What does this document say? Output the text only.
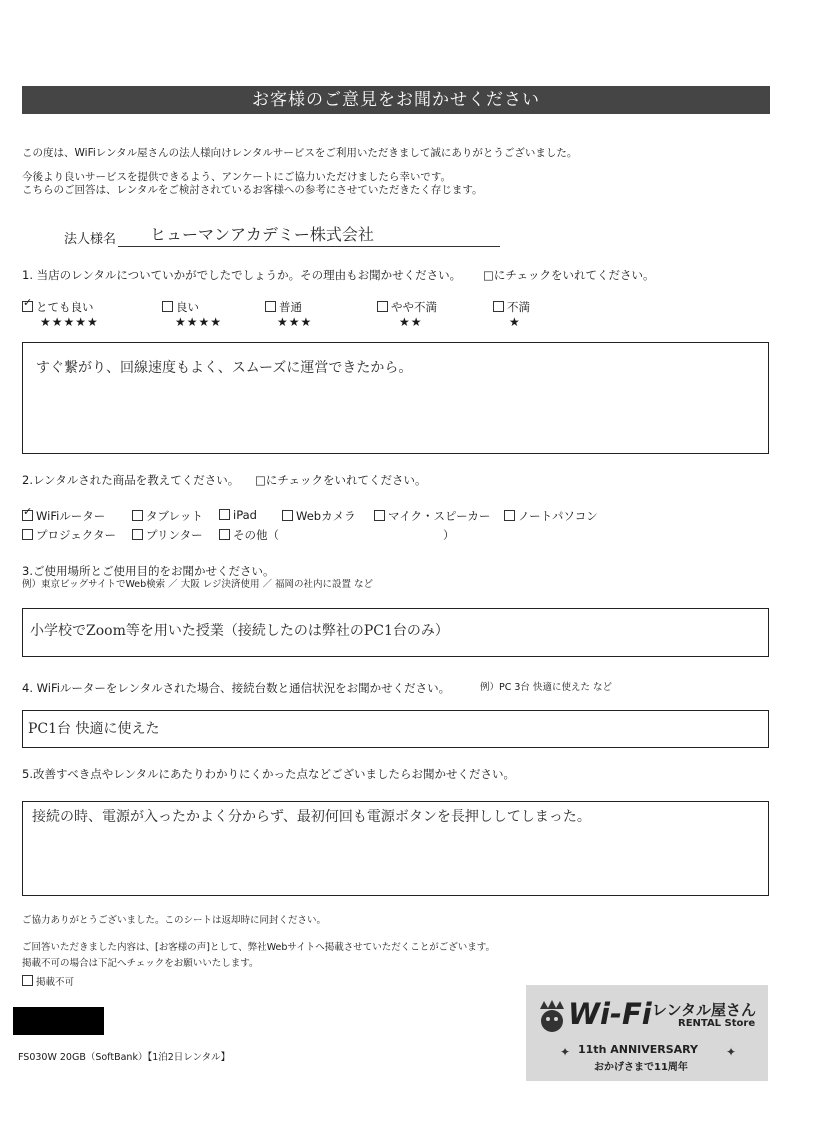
お客様のご意見をお聞かせください
この度は、WiFiレンタル屋さんの法人様向けレンタルサービスをご利用いただきまして誠にありがとうございました。
今後より良いサービスを提供できるよう、アンケートにご協力いただけましたら幸いです。
こちらのご回答は、レンタルをご検討されているお客様への参考にさせていただきたく存じます。
法人様名 ヒューマンアカデミー株式会社
1. 当店のレンタルについていかがでしたでしょうか。その理由もお聞かせください。 □にチェックをいれてください。
✓とても良い
★★★★★
良い
★★★★
普通
★★★
やや不満
★★
不満
★
すぐ繋がり、回線速度もよく、スムーズに運営できたから。
2.レンタルされた商品を教えてください。 □にチェックをいれてください。
✓WiFiルーター	タブレット	iPad	Webカメラ	マイク・スピーカー	ノートパソコン
プロジェクター	プリンター	その他（	）
3.ご使用場所とご使用目的をお聞かせください。
例）東京ビッグサイトでWeb検索 ／ 大阪 レジ決済使用 ／ 福岡の社内に設置 など
小学校でZoom等を用いた授業（接続したのは弊社のPC1台のみ）
4. WiFiルーターをレンタルされた場合、接続台数と通信状況をお聞かせください。	例）PC 3台 快適に使えた など
PC1台 快適に使えた
5.改善すべき点やレンタルにあたりわかりにくかった点などございましたらお聞かせください。
接続の時、電源が入ったかよく分からず、最初何回も電源ボタンを長押ししてしまった。
ご協力ありがとうございました。このシートは返却時に同封ください。
ご回答いただきました内容は、[お客様の声]として、弊社Webサイトへ掲載させていただくことがございます。
掲載不可の場合は下記へチェックをお願いいたします。
掲載不可
FS030W 20GB（SoftBank）【1泊2日レンタル】
Wi-Fi レンタル屋さん
RENTAL Store
11th ANNIVERSARY
おかげさまで11周年
✦	✦
